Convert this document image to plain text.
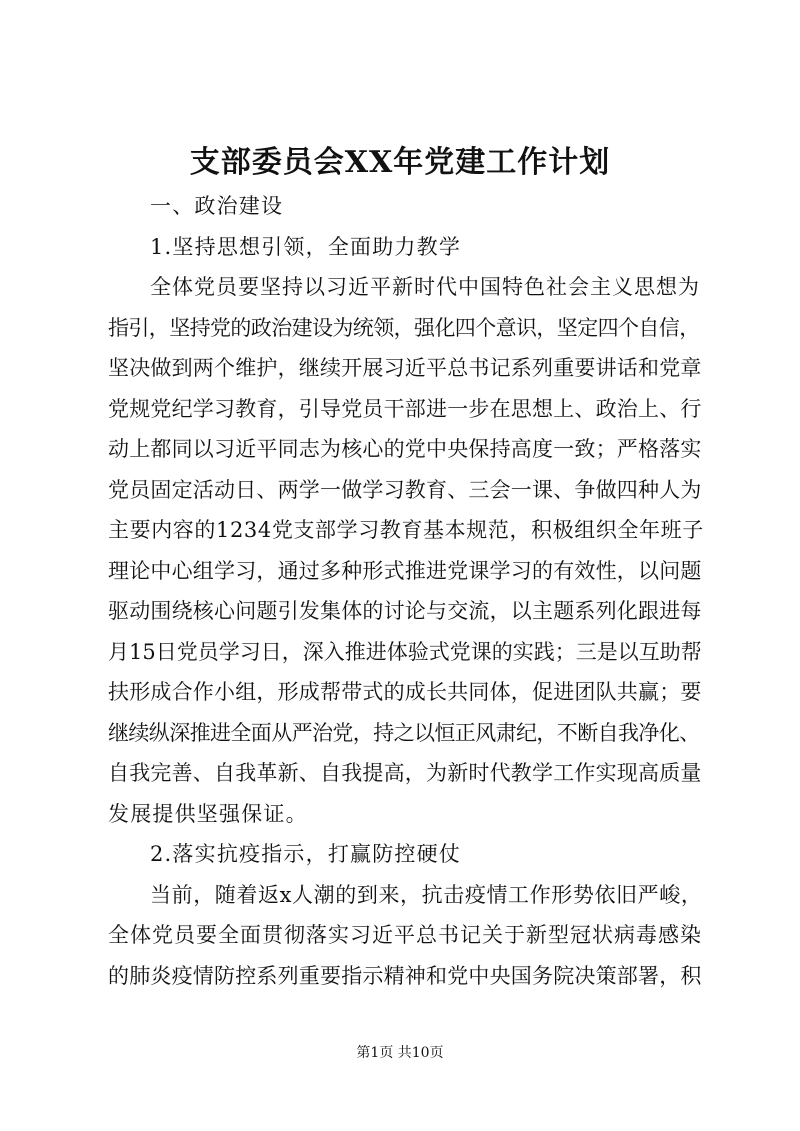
支部委员会XX年党建工作计划
一、政治建设
1.坚持思想引领，全面助力教学
全体党员要坚持以习近平新时代中国特色社会主义思想为
指引，坚持党的政治建设为统领，强化四个意识，坚定四个自信，
坚决做到两个维护，继续开展习近平总书记系列重要讲话和党章
党规党纪学习教育，引导党员干部进一步在思想上、政治上、行
动上都同以习近平同志为核心的党中央保持高度一致；严格落实
党员固定活动日、两学一做学习教育、三会一课、争做四种人为
主要内容的1234党支部学习教育基本规范，积极组织全年班子
理论中心组学习，通过多种形式推进党课学习的有效性，以问题
驱动围绕核心问题引发集体的讨论与交流，以主题系列化跟进每
月15日党员学习日，深入推进体验式党课的实践；三是以互助帮
扶形成合作小组，形成帮带式的成长共同体，促进团队共赢；要
继续纵深推进全面从严治党，持之以恒正风肃纪，不断自我净化、
自我完善、自我革新、自我提高，为新时代教学工作实现高质量
发展提供坚强保证。
2.落实抗疫指示，打赢防控硬仗
当前，随着返x人潮的到来，抗击疫情工作形势依旧严峻，
全体党员要全面贯彻落实习近平总书记关于新型冠状病毒感染
的肺炎疫情防控系列重要指示精神和党中央国务院决策部署，积
第1页 共10页
